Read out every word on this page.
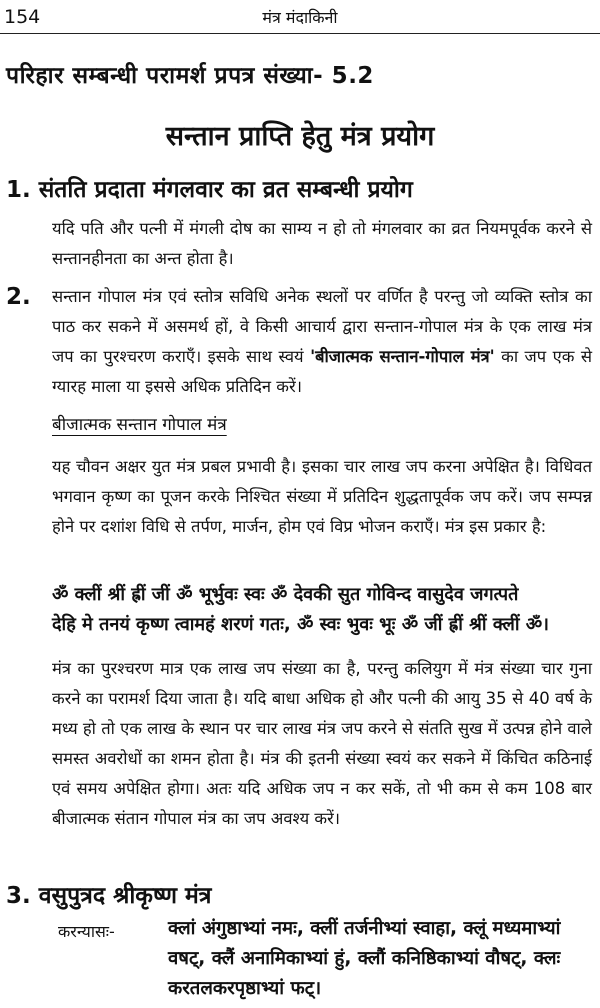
154	मंत्र मंदाकिनी
परिहार सम्बन्धी परामर्श प्रपत्र संख्या- 5.2
सन्तान प्राप्ति हेतु मंत्र प्रयोग
1. संतति प्रदाता मंगलवार का व्रत सम्बन्धी प्रयोग
यदि पति और पत्नी में मंगली दोष का साम्य न हो तो मंगलवार का व्रत नियमपूर्वक करने से सन्तानहीनता का अन्त होता है।
2. सन्तान गोपाल मंत्र एवं स्तोत्र सविधि अनेक स्थलों पर वर्णित है परन्तु जो व्यक्ति स्तोत्र का पाठ कर सकने में असमर्थ हों, वे किसी आचार्य द्वारा सन्तान-गोपाल मंत्र के एक लाख मंत्र जप का पुरश्चरण कराएँ। इसके साथ स्वयं 'बीजात्मक सन्तान-गोपाल मंत्र' का जप एक से ग्यारह माला या इससे अधिक प्रतिदिन करें।
बीजात्मक सन्तान गोपाल मंत्र
यह चौवन अक्षर युत मंत्र प्रबल प्रभावी है। इसका चार लाख जप करना अपेक्षित है। विधिवत भगवान कृष्ण का पूजन करके निश्चित संख्या में प्रतिदिन शुद्धतापूर्वक जप करें। जप सम्पन्न होने पर दशांश विधि से तर्पण, मार्जन, होम एवं विप्र भोजन कराएँ। मंत्र इस प्रकार है:
ॐ क्लीं श्रीं ह्रीं जीं ॐ भूर्भुवः स्वः ॐ देवकी सुत गोविन्द वासुदेव जगत्पते
देहि मे तनयं कृष्ण त्वामहं शरणं गतः, ॐ स्वः भुवः भूः ॐ जीं ह्रीं श्रीं क्लीं ॐ।
मंत्र का पुरश्चरण मात्र एक लाख जप संख्या का है, परन्तु कलियुग में मंत्र संख्या चार गुना करने का परामर्श दिया जाता है। यदि बाधा अधिक हो और पत्नी की आयु 35 से 40 वर्ष के मध्य हो तो एक लाख के स्थान पर चार लाख मंत्र जप करने से संतति सुख में उत्पन्न होने वाले समस्त अवरोधों का शमन होता है। मंत्र की इतनी संख्या स्वयं कर सकने में किंचित कठिनाई एवं समय अपेक्षित होगा। अतः यदि अधिक जप न कर सकें, तो भी कम से कम 108 बार बीजात्मक संतान गोपाल मंत्र का जप अवश्य करें।
3. वसुपुत्रद श्रीकृष्ण मंत्र
करन्यासः-	क्लां अंगुष्ठाभ्यां नमः, क्लीं तर्जनीभ्यां स्वाहा, क्लूं मध्यमाभ्यां वषट्, क्लैं अनामिकाभ्यां हुं, क्लौं कनिष्ठिकाभ्यां वौषट्, क्लः करतलकरपृष्ठाभ्यां फट्।
